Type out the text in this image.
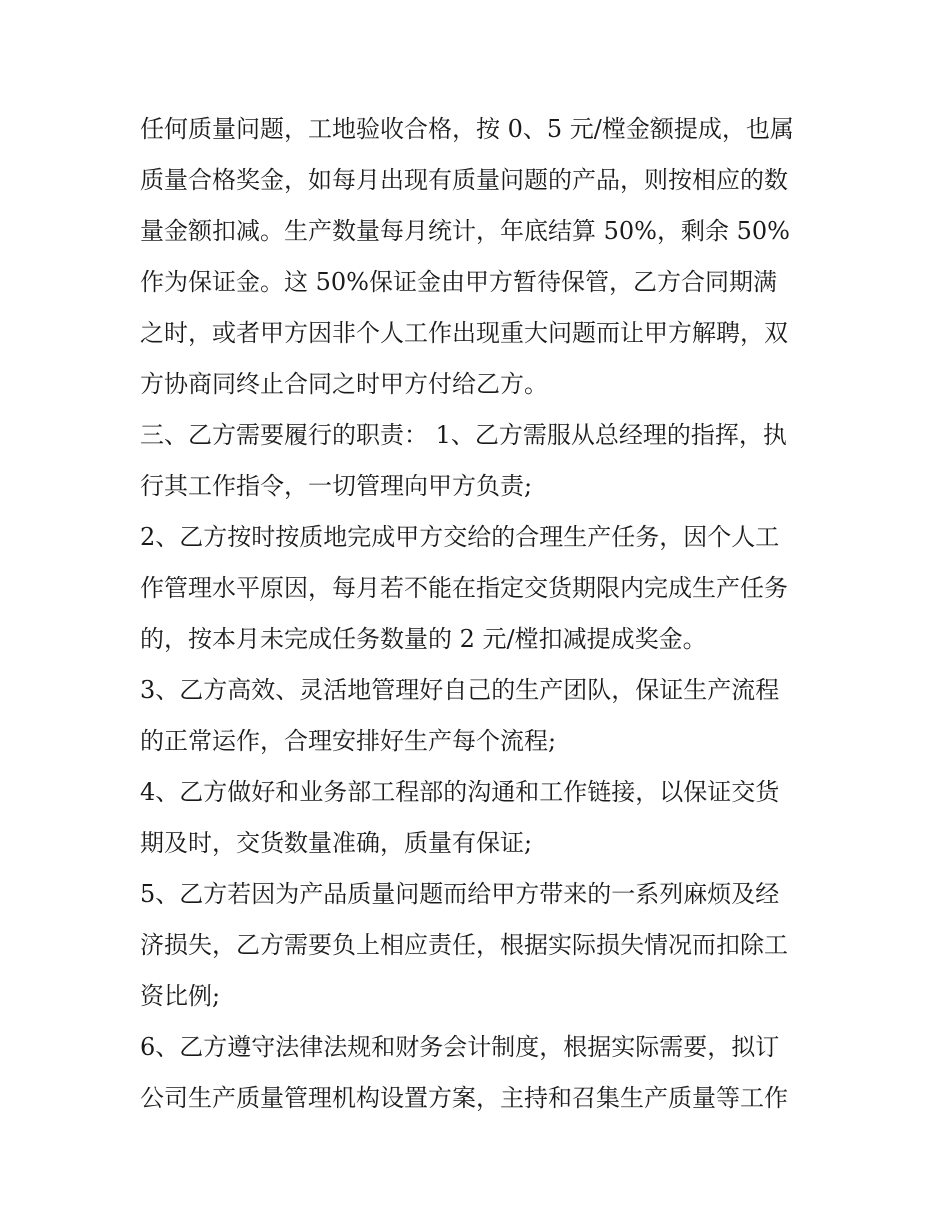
任何质量问题，工地验收合格，按 0、5 元/樘金额提成，也属
质量合格奖金，如每月出现有质量问题的产品，则按相应的数
量金额扣减。生产数量每月统计，年底结算 50%，剩余 50%
作为保证金。这 50%保证金由甲方暂待保管，乙方合同期满
之时，或者甲方因非个人工作出现重大问题而让甲方解聘，双
方协商同终止合同之时甲方付给乙方。
三、乙方需要履行的职责： 1、乙方需服从总经理的指挥，执
行其工作指令，一切管理向甲方负责;
2、乙方按时按质地完成甲方交给的合理生产任务，因个人工
作管理水平原因，每月若不能在指定交货期限内完成生产任务
的，按本月未完成任务数量的 2 元/樘扣减提成奖金。
3、乙方高效、灵活地管理好自己的生产团队，保证生产流程
的正常运作，合理安排好生产每个流程;
4、乙方做好和业务部工程部的沟通和工作链接，以保证交货
期及时，交货数量准确，质量有保证;
5、乙方若因为产品质量问题而给甲方带来的一系列麻烦及经
济损失，乙方需要负上相应责任，根据实际损失情况而扣除工
资比例;
6、乙方遵守法律法规和财务会计制度，根据实际需要，拟订
公司生产质量管理机构设置方案，主持和召集生产质量等工作
